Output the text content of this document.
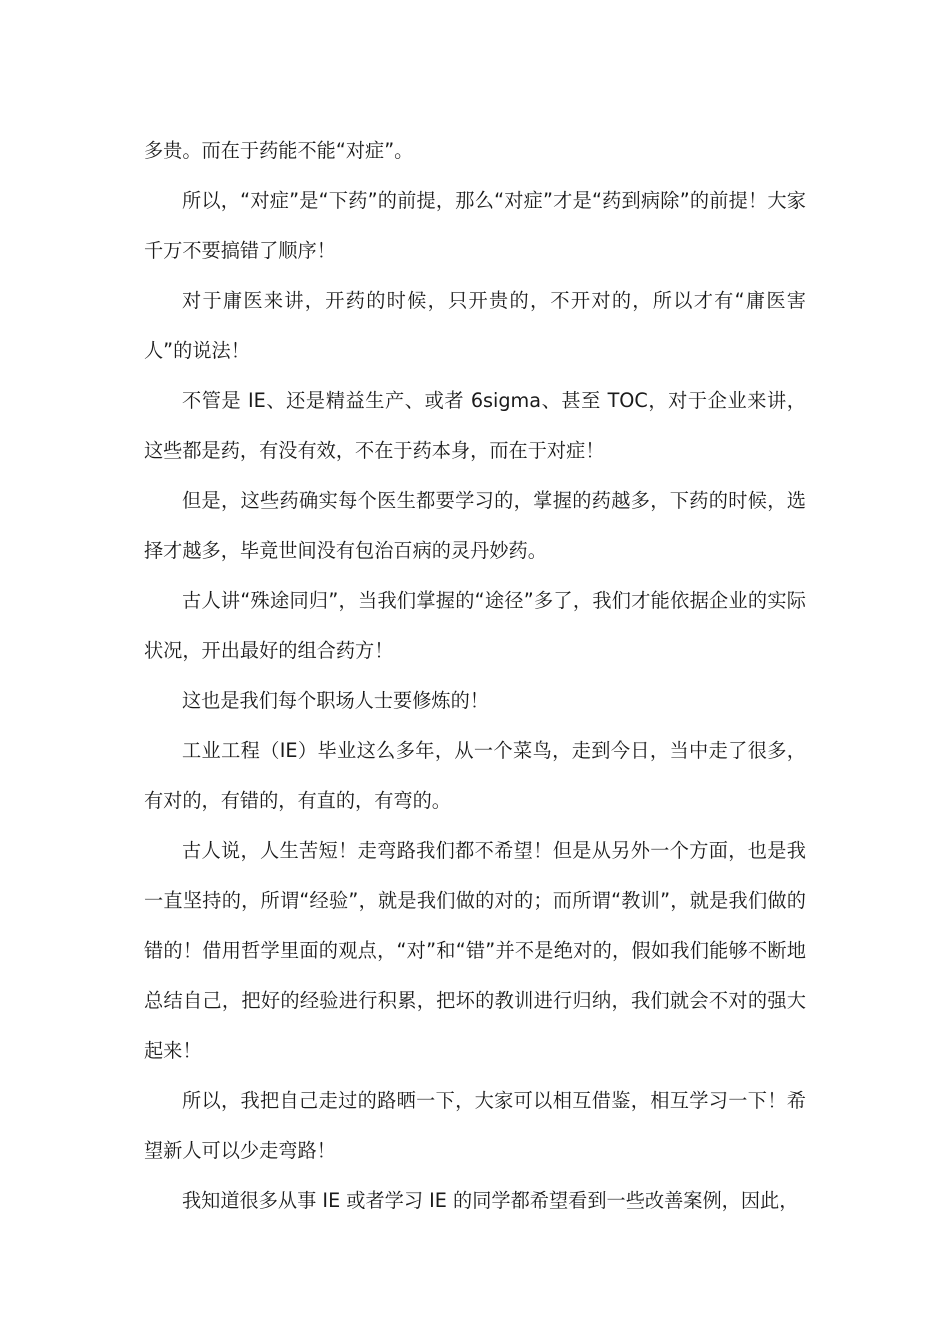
多贵。而在于药能不能“对症”。

所以，“对症”是“下药”的前提，那么“对症”才是“药到病除”的前提！大家千万不要搞错了顺序！

对于庸医来讲，开药的时候，只开贵的，不开对的，所以才有“庸医害人”的说法！

不管是 IE、还是精益生产、或者 6sigma、甚至 TOC，对于企业来讲，这些都是药，有没有效，不在于药本身，而在于对症！

但是，这些药确实每个医生都要学习的，掌握的药越多，下药的时候，选择才越多，毕竟世间没有包治百病的灵丹妙药。

古人讲“殊途同归”，当我们掌握的“途径”多了，我们才能依据企业的实际状况，开出最好的组合药方！

这也是我们每个职场人士要修炼的！

工业工程（IE）毕业这么多年，从一个菜鸟，走到今日，当中走了很多，有对的，有错的，有直的，有弯的。

古人说，人生苦短！走弯路我们都不希望！但是从另外一个方面，也是我一直坚持的，所谓“经验”，就是我们做的对的；而所谓“教训”，就是我们做的错的！借用哲学里面的观点，“对”和“错”并不是绝对的，假如我们能够不断地总结自己，把好的经验进行积累，把坏的教训进行归纳，我们就会不对的强大起来！

所以，我把自己走过的路晒一下，大家可以相互借鉴，相互学习一下！希望新人可以少走弯路！

我知道很多从事 IE 或者学习 IE 的同学都希望看到一些改善案例，因此，
